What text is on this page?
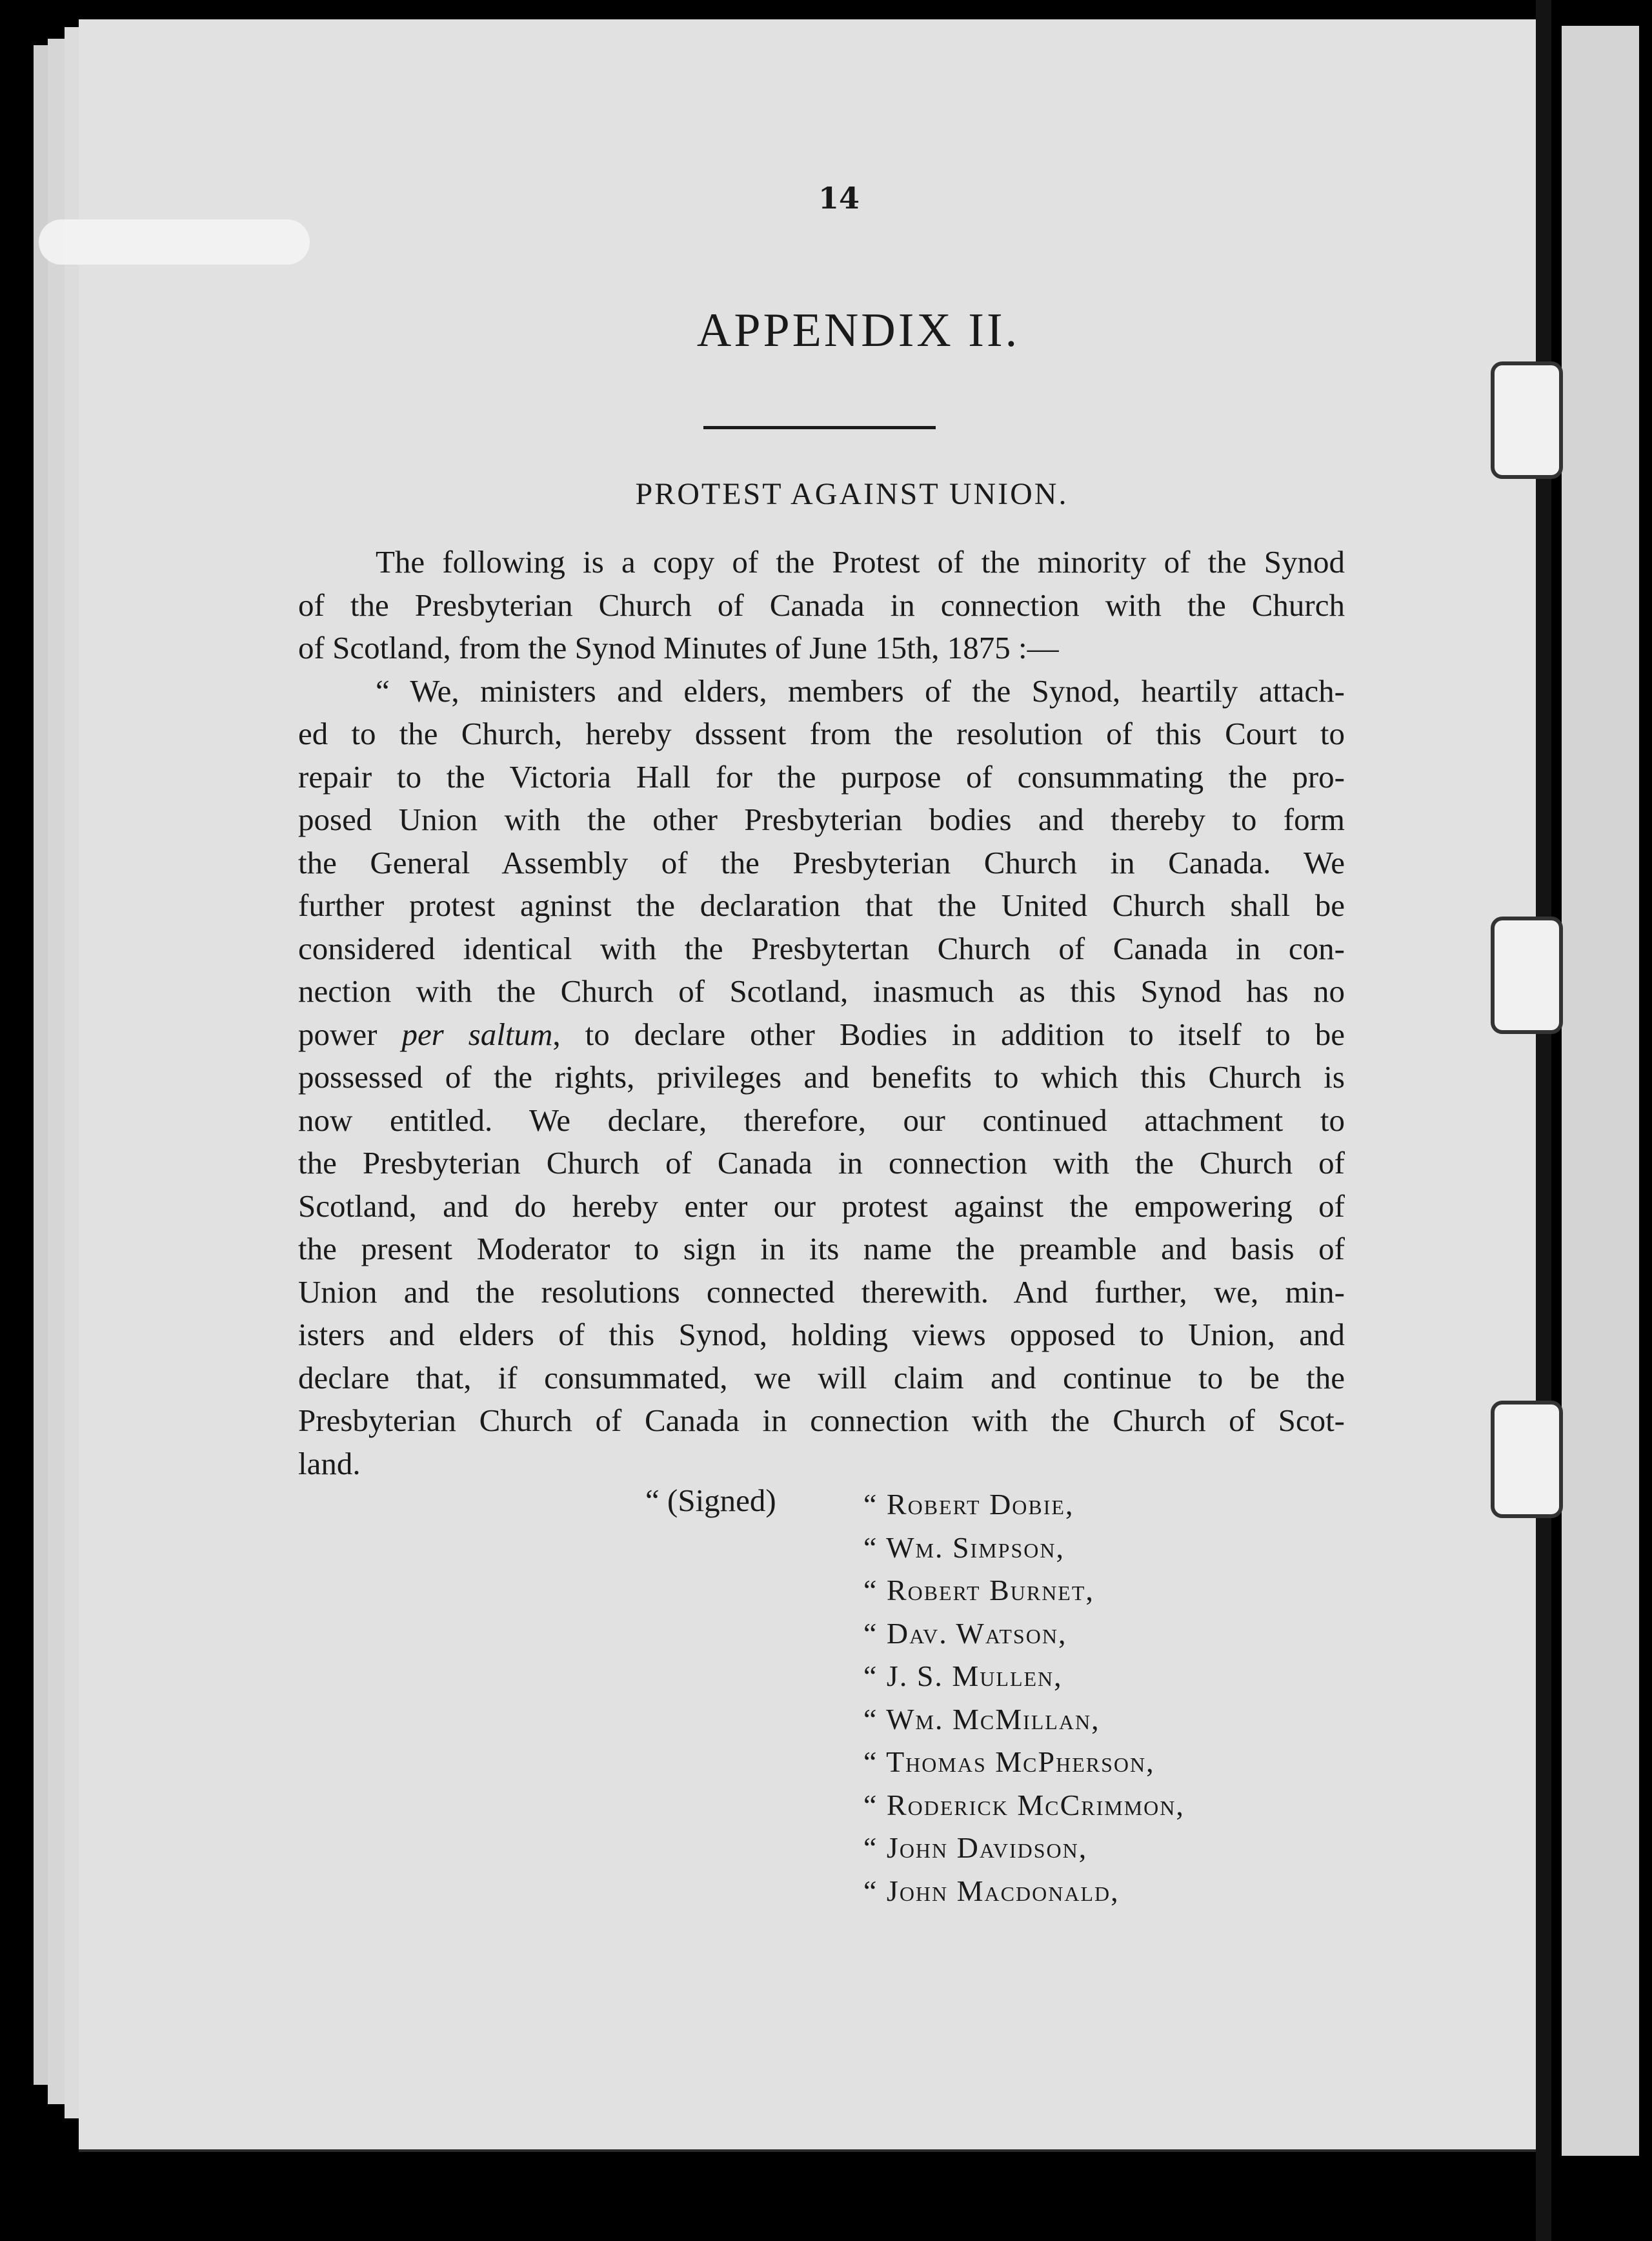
14
APPENDIX II.
PROTEST AGAINST UNION.
The following is a copy of the Protest of the minority of the Synod
of the Presbyterian Church of Canada in connection with the Church
of Scotland, from the Synod Minutes of June 15th, 1875 :—
“ We, ministers and elders, members of the Synod, heartily attach-
ed to the Church, hereby dsssent from the resolution of this Court to
repair to the Victoria Hall for the purpose of consummating the pro-
posed Union with the other Presbyterian bodies and thereby to form
the General Assembly of the Presbyterian Church in Canada. We
further protest agninst the declaration that the United Church shall be
considered identical with the Presbytertan Church of Canada in con-
nection with the Church of Scotland, inasmuch as this Synod has no
power per saltum, to declare other Bodies in addition to itself to be
possessed of the rights, privileges and benefits to which this Church is
now entitled. We declare, therefore, our continued attachment to
the Presbyterian Church of Canada in connection with the Church of
Scotland, and do hereby enter our protest against the empowering of
the present Moderator to sign in its name the preamble and basis of
Union and the resolutions connected therewith. And further, we, min-
isters and elders of this Synod, holding views opposed to Union, and
declare that, if consummated, we will claim and continue to be the
Presbyterian Church of Canada in connection with the Church of Scot-
land.
“ (Signed)	“ Robert Dobie,
“ Wm. Simpson,
“ Robert Burnet,
“ Dav. Watson,
“ J. S. Mullen,
“ Wm. McMillan,
“ Thomas McPherson,
“ Roderick McCrimmon,
“ John Davidson,
“ John Macdonald,
